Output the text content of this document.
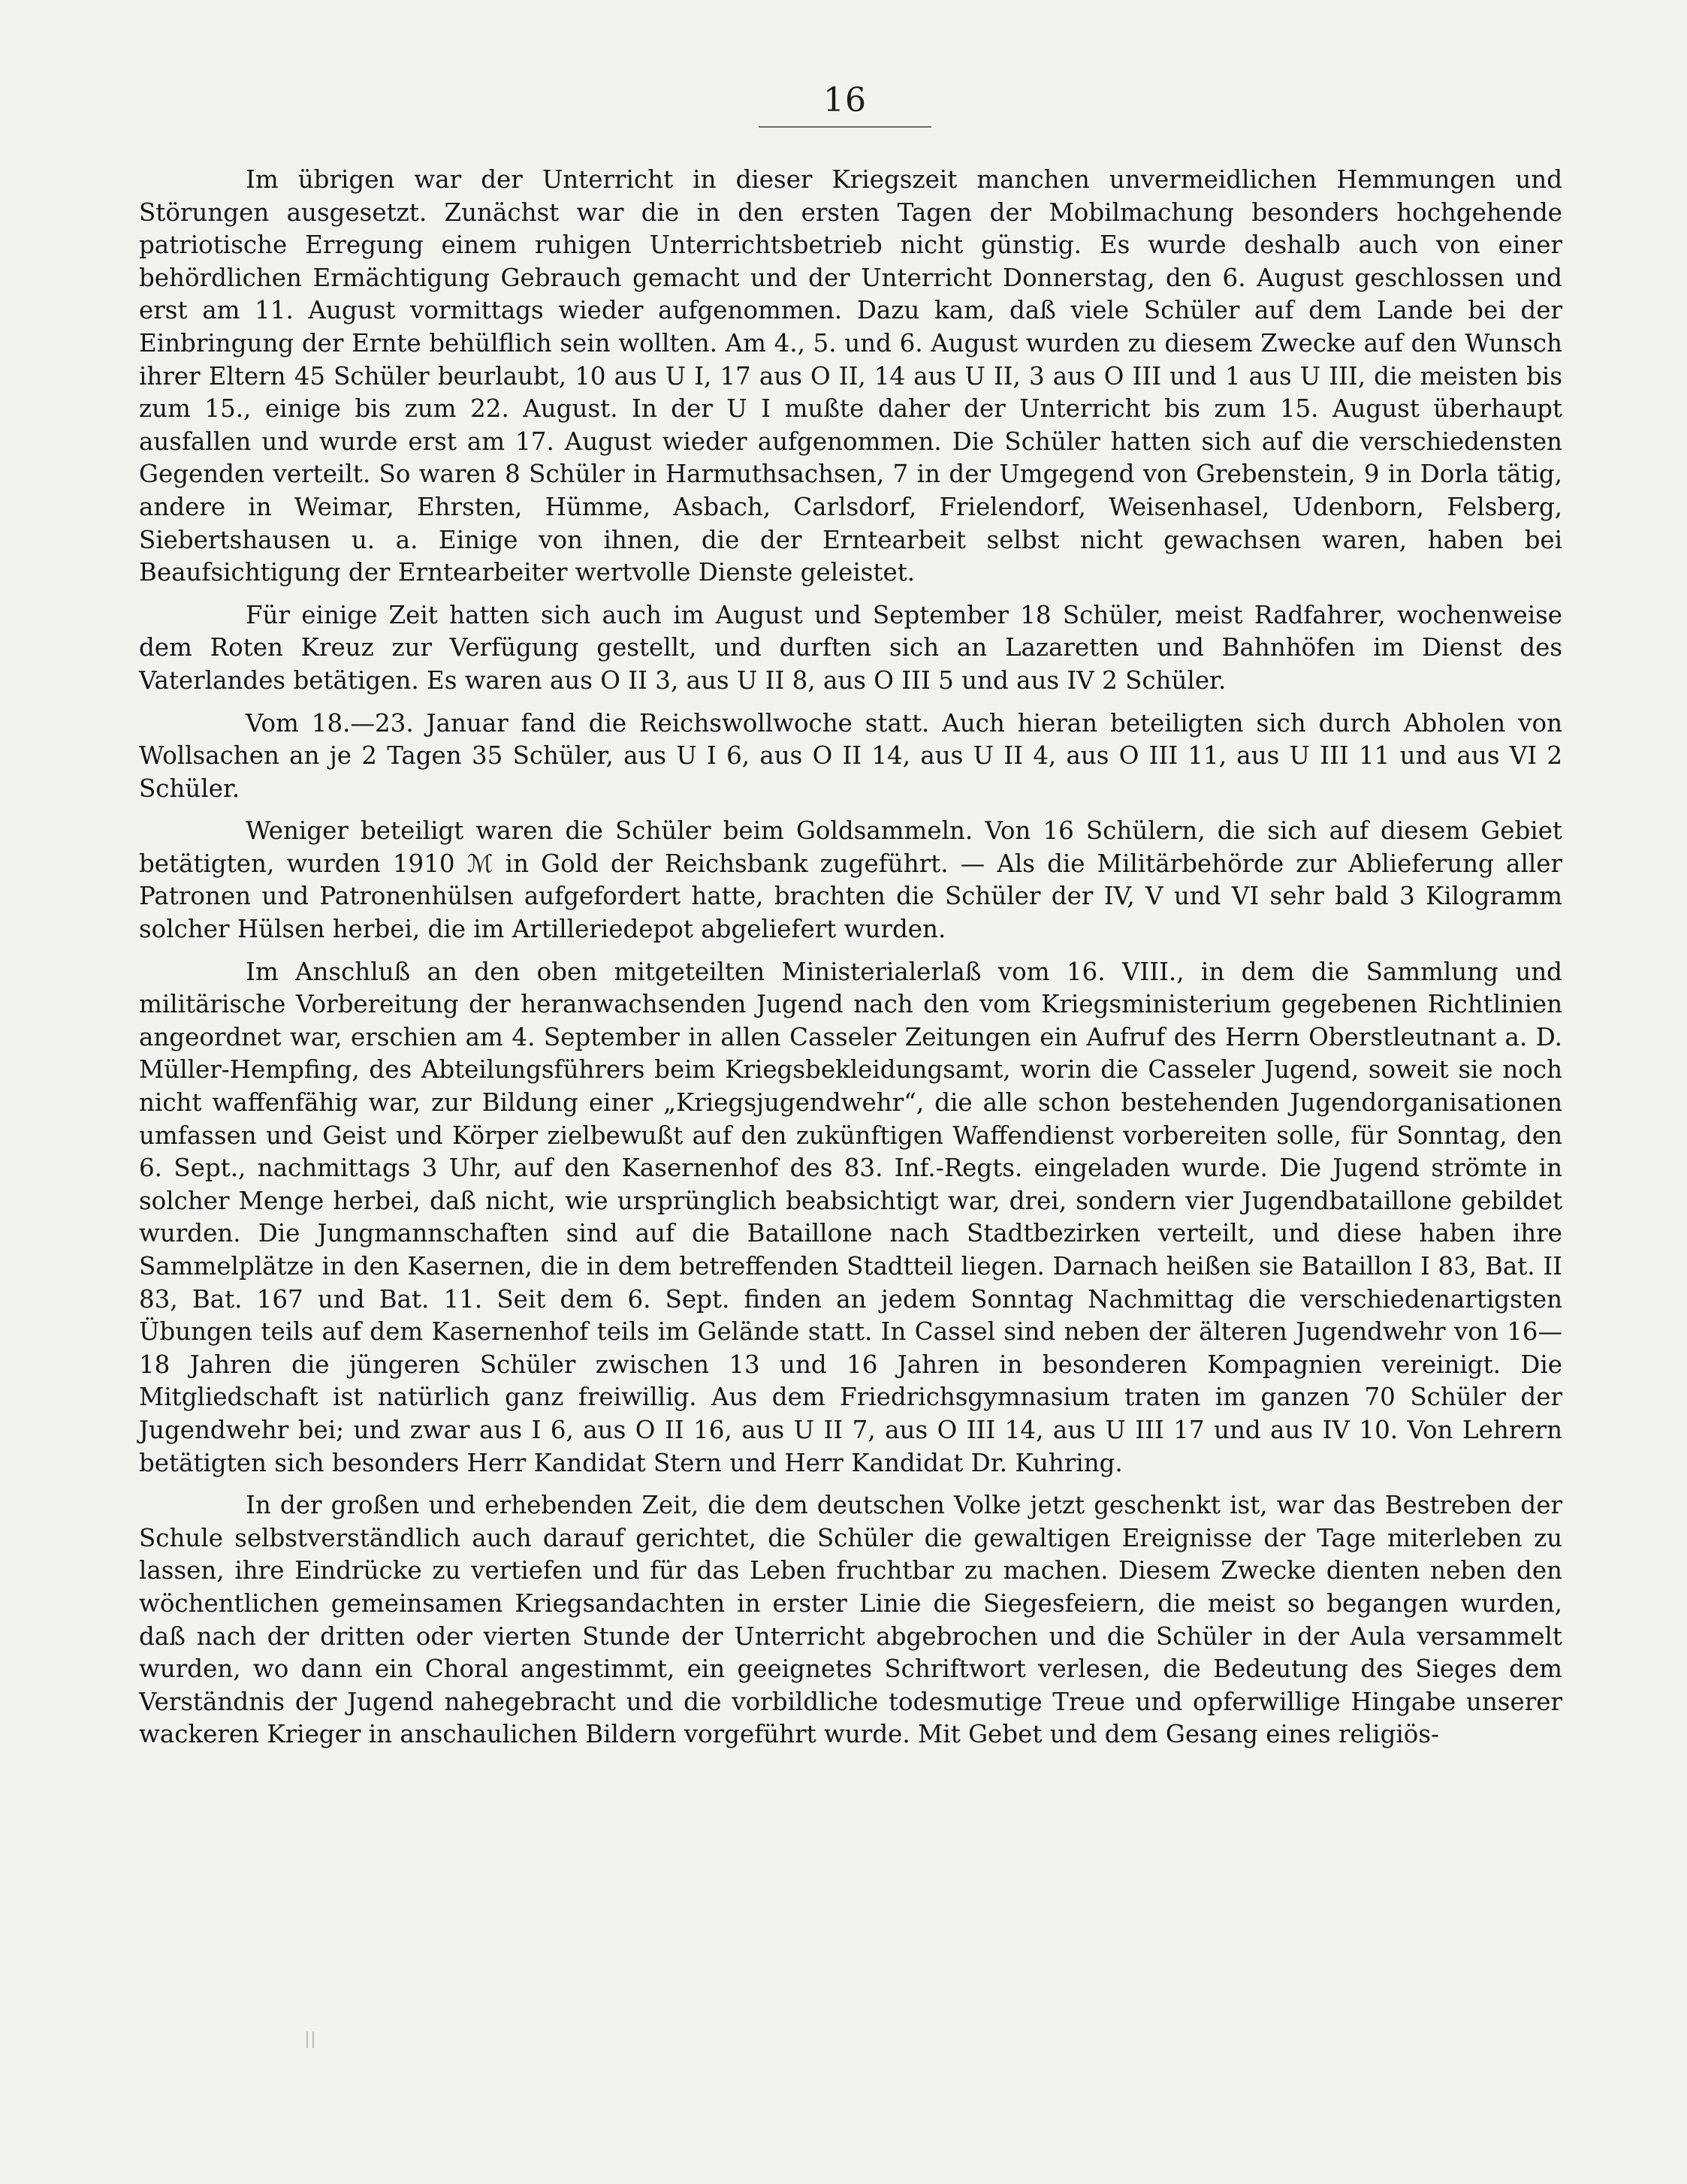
16

Im übrigen war der Unterricht in dieser Kriegszeit manchen unvermeidlichen Hemmungen und Störungen ausgesetzt. Zunächst war die in den ersten Tagen der Mobilmachung besonders hochgehende patriotische Erregung einem ruhigen Unterrichtsbetrieb nicht günstig. Es wurde deshalb auch von einer behördlichen Ermächtigung Gebrauch gemacht und der Unterricht Donnerstag, den 6. August geschlossen und erst am 11. August vormittags wieder aufgenommen. Dazu kam, daß viele Schüler auf dem Lande bei der Einbringung der Ernte behülflich sein wollten. Am 4., 5. und 6. August wurden zu diesem Zwecke auf den Wunsch ihrer Eltern 45 Schüler beurlaubt, 10 aus U I, 17 aus O II, 14 aus U II, 3 aus O III und 1 aus U III, die meisten bis zum 15., einige bis zum 22. August. In der U I mußte daher der Unterricht bis zum 15. August überhaupt ausfallen und wurde erst am 17. August wieder aufgenommen. Die Schüler hatten sich auf die verschiedensten Gegenden verteilt. So waren 8 Schüler in Harmuthsachsen, 7 in der Umgegend von Grebenstein, 9 in Dorla tätig, andere in Weimar, Ehrsten, Hümme, Asbach, Carlsdorf, Frielendorf, Weisenhasel, Udenborn, Felsberg, Siebertshausen u. a. Einige von ihnen, die der Erntearbeit selbst nicht gewachsen waren, haben bei Beaufsichtigung der Erntearbeiter wertvolle Dienste geleistet.

Für einige Zeit hatten sich auch im August und September 18 Schüler, meist Radfahrer, wochenweise dem Roten Kreuz zur Verfügung gestellt, und durften sich an Lazaretten und Bahnhöfen im Dienst des Vaterlandes betätigen. Es waren aus O II 3, aus U II 8, aus O III 5 und aus IV 2 Schüler.

Vom 18.—23. Januar fand die Reichswollwoche statt. Auch hieran beteiligten sich durch Abholen von Wollsachen an je 2 Tagen 35 Schüler, aus U I 6, aus O II 14, aus U II 4, aus O III 11, aus U III 11 und aus VI 2 Schüler.

Weniger beteiligt waren die Schüler beim Goldsammeln. Von 16 Schülern, die sich auf diesem Gebiet betätigten, wurden 1910 ℳ in Gold der Reichsbank zugeführt. — Als die Militärbehörde zur Ablieferung aller Patronen und Patronenhülsen aufgefordert hatte, brachten die Schüler der IV, V und VI sehr bald 3 Kilogramm solcher Hülsen herbei, die im Artilleriedepot abgeliefert wurden.

Im Anschluß an den oben mitgeteilten Ministerialerlaß vom 16. VIII., in dem die Sammlung und militärische Vorbereitung der heranwachsenden Jugend nach den vom Kriegsministerium gegebenen Richtlinien angeordnet war, erschien am 4. September in allen Casseler Zeitungen ein Aufruf des Herrn Oberstleutnant a. D. Müller-Hempfing, des Abteilungsführers beim Kriegsbekleidungsamt, worin die Casseler Jugend, soweit sie noch nicht waffenfähig war, zur Bildung einer „Kriegsjugendwehr“, die alle schon bestehenden Jugendorganisationen umfassen und Geist und Körper zielbewußt auf den zukünftigen Waffendienst vorbereiten solle, für Sonntag, den 6. Sept., nachmittags 3 Uhr, auf den Kasernenhof des 83. Inf.-Regts. eingeladen wurde. Die Jugend strömte in solcher Menge herbei, daß nicht, wie ursprünglich beabsichtigt war, drei, sondern vier Jugendbataillone gebildet wurden. Die Jungmannschaften sind auf die Bataillone nach Stadtbezirken verteilt, und diese haben ihre Sammelplätze in den Kasernen, die in dem betreffenden Stadtteil liegen. Darnach heißen sie Bataillon I 83, Bat. II 83, Bat. 167 und Bat. 11. Seit dem 6. Sept. finden an jedem Sonntag Nachmittag die verschiedenartigsten Übungen teils auf dem Kasernenhof teils im Gelände statt. In Cassel sind neben der älteren Jugendwehr von 16—18 Jahren die jüngeren Schüler zwischen 13 und 16 Jahren in besonderen Kompagnien vereinigt. Die Mitgliedschaft ist natürlich ganz freiwillig. Aus dem Friedrichsgymnasium traten im ganzen 70 Schüler der Jugendwehr bei; und zwar aus I 6, aus O II 16, aus U II 7, aus O III 14, aus U III 17 und aus IV 10. Von Lehrern betätigten sich besonders Herr Kandidat Stern und Herr Kandidat Dr. Kuhring.

In der großen und erhebenden Zeit, die dem deutschen Volke jetzt geschenkt ist, war das Bestreben der Schule selbstverständlich auch darauf gerichtet, die Schüler die gewaltigen Ereignisse der Tage miterleben zu lassen, ihre Eindrücke zu vertiefen und für das Leben fruchtbar zu machen. Diesem Zwecke dienten neben den wöchentlichen gemeinsamen Kriegsandachten in erster Linie die Siegesfeiern, die meist so begangen wurden, daß nach der dritten oder vierten Stunde der Unterricht abgebrochen und die Schüler in der Aula versammelt wurden, wo dann ein Choral angestimmt, ein geeignetes Schriftwort verlesen, die Bedeutung des Sieges dem Verständnis der Jugend nahegebracht und die vorbildliche todesmutige Treue und opferwillige Hingabe unserer wackeren Krieger in anschaulichen Bildern vorgeführt wurde. Mit Gebet und dem Gesang eines religiös-
